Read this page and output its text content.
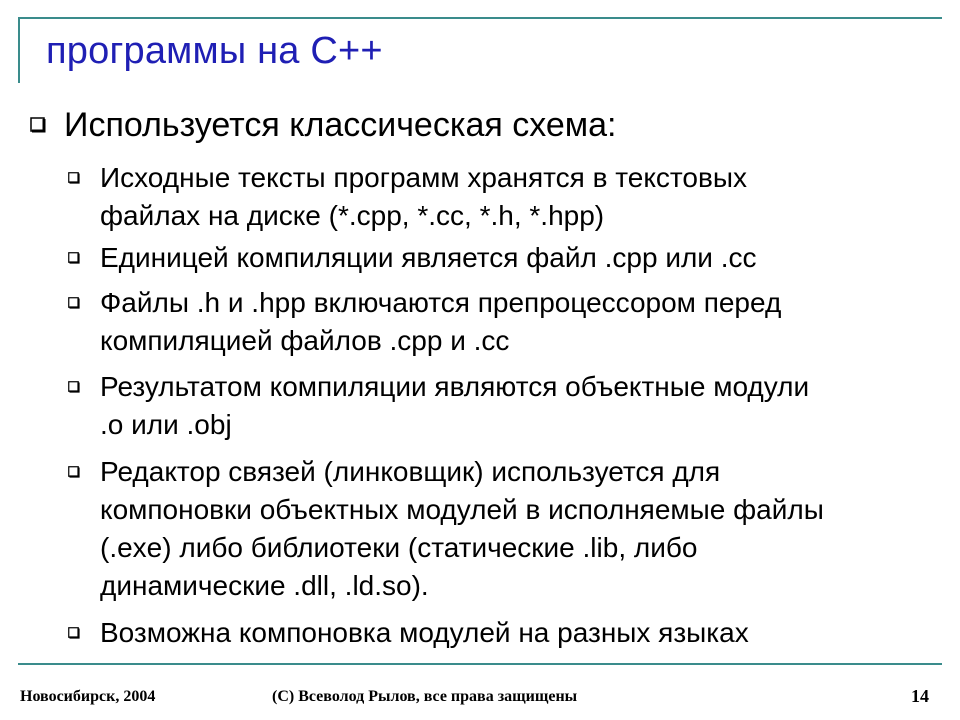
программы на C++
Используется классическая схема:
Исходные тексты программ хранятся в текстовых
файлах на диске (*.cpp, *.cc, *.h, *.hpp)
Единицей компиляции является файл .cpp или .cc
Файлы .h и .hpp включаются препроцессором перед
компиляцией файлов .cpp и .cc
Результатом компиляции являются объектные модули
.o или .obj
Редактор связей (линковщик) используется для
компоновки объектных модулей в исполняемые файлы
(.exe) либо библиотеки (статические .lib, либо
динамические .dll, .ld.so).
Возможна компоновка модулей на разных языках
Новосибирск, 2004	(C) Всеволод Рылов, все права защищены	14
